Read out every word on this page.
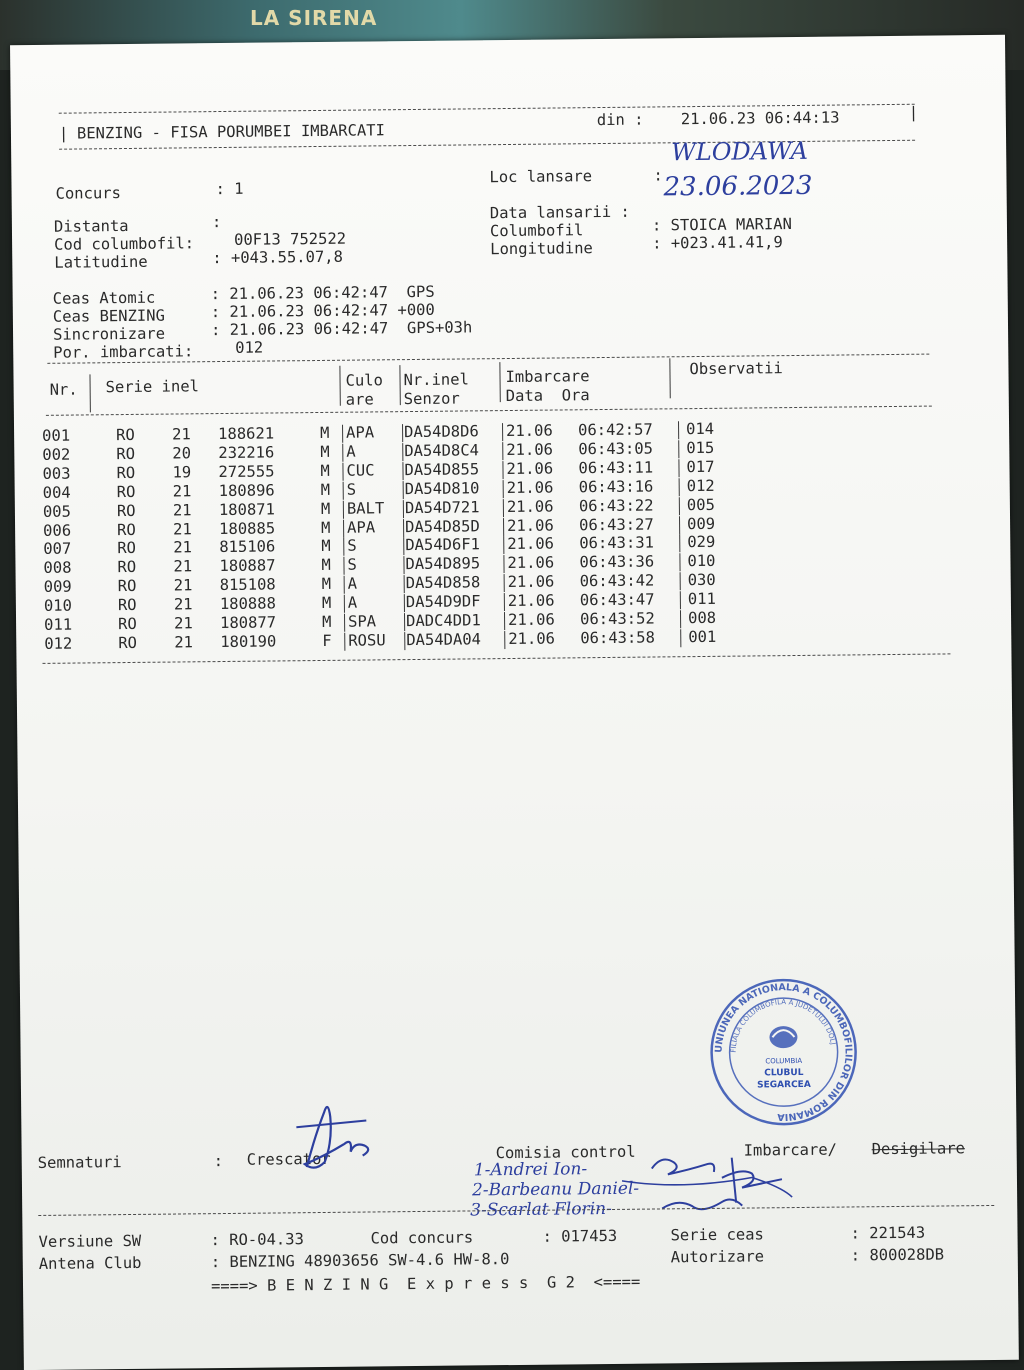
LA SIRENA
| BENZING - FISA PORUMBEI IMBARCATI
din : 21.06.23 06:44:13	|
Concurs	: 1
Loc lansare	:
WLODAWA
Distanta	:	Data lansarii :
23.06.2023
Cod columbofil:	00F13 752522	Columbofil	: STOICA MARIAN
Latitudine	: +043.55.07,8	Longitudine	: +023.41.41,9
Ceas Atomic	: 21.06.23 06:42:47  GPS
Ceas BENZING	: 21.06.23 06:42:47 +000
Sincronizare	: 21.06.23 06:42:47  GPS+03h
Por. imbarcati:	012
Nr. Serie inel	Culo
are
Nr.inel
Senzor
Imbarcare
Data  Ora
Observatii
001	RO 21 188621	M APA DA54D8D6 21.06 06:42:57 014
002	RO 20 232216	M A	DA54D8C4 21.06 06:43:05 015
003	RO 19 272555	M CUC DA54D855 21.06 06:43:11 017
004	RO 21 180896	M S	DA54D810 21.06 06:43:16 012
005	RO 21 180871	M BALT DA54D721 21.06 06:43:22 005
006	RO 21 180885	M APA DA54D85D 21.06 06:43:27 009
007	RO 21 815106	M S	DA54D6F1 21.06 06:43:31 029
008	RO 21 180887	M S	DA54D895 21.06 06:43:36 010
009	RO 21 815108	M A	DA54D858 21.06 06:43:42 030
010	RO 21 180888	M A	DA54D9DF 21.06 06:43:47 011
011	RO 21 180877	M SPA DADC4DD1 21.06 06:43:52 008
012	RO 21 180190	F ROSU DA54DA04 21.06 06:43:58 001
UNIUNEA NATIONALA A COLUMBOFILILOR DIN ROMANIA
FILIALA COLUMBOFILA A JUDETULUI DOLJ
COLUMBIA
CLUBUL
SEGARCEA
Semnaturi	: Crescator	Comisia control	Imbarcare/ Desigilare
1-Andrei Ion-
2-Barbeanu Daniel-
3-Scarlat Florin-
Versiune SW	: RO-04.33	Cod concurs	: 017453	Serie ceas	: 221543
Antena Club	: BENZING 48903656 SW-4.6 HW-8.0	Autorizare	: 800028DB
====> B E N Z I N G  E x p r e s s  G 2  <====
